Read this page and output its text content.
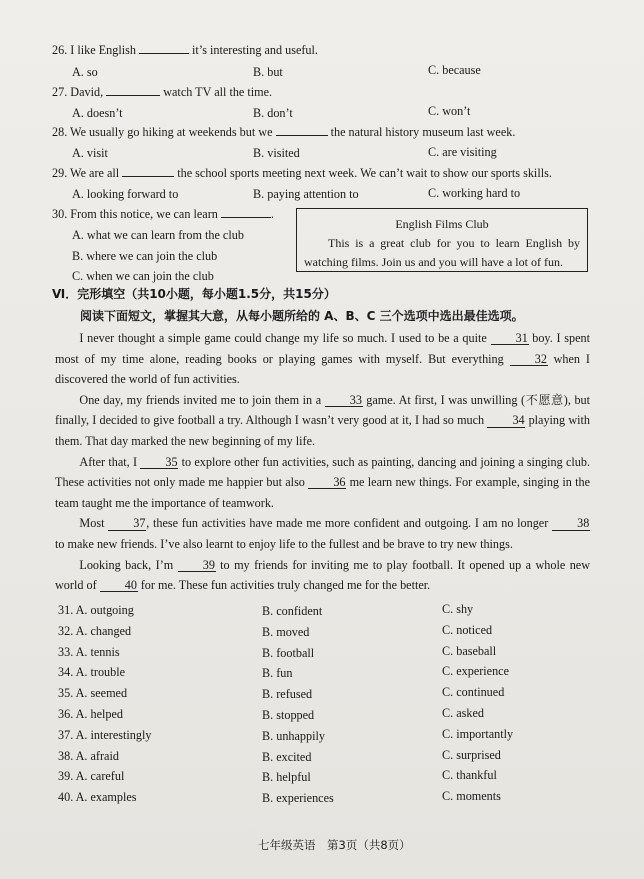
26. I like English	it’s interesting and useful.
A. so	B. but	C. because
27. David,	watch TV all the time.
A. doesn’t	B. don’t	C. won’t
28. We usually go hiking at weekends but we	the natural history museum last week.
A. visit	B. visited	C. are visiting
29. We are all	the school sports meeting next week. We can’t wait to show our sports skills.
A. looking forward to	B. paying attention to	C. working hard to
30. From this notice, we can learn	.
A. what we can learn from the club
B. where we can join the club
C. when we can join the club
English Films Club
This is a great club for you to learn English by watching films. Join us and you will have a lot of fun.
Ⅵ．完形填空（共10小题，每小题1.5分，共15分）
阅读下面短文，掌握其大意，从每小题所给的 A、B、C 三个选项中选出最佳选项。

I never thought a simple game could change my life so much. I used to be a quite 31 boy. I spent most of my time alone, reading books or playing games with myself. But everything	32 when I discovered the world of fun activities.

One day, my friends invited me to join them in a 33 game. At first, I was unwilling (不愿意), but finally, I decided to give football a try. Although I wasn’t very good at it, I had so much 34 playing with them. That day marked the new beginning of my life.

After that, I 35 to explore other fun activities, such as painting, dancing and joining a singing club. These activities not only made me happier but also 36 me learn new things. For example, singing in the team taught me the importance of teamwork.

Most 37, these fun activities have made me more confident and outgoing. I am no longer 38 to make new friends. I’ve also learnt to enjoy life to the fullest and be brave to try new things.

Looking back, I’m 39 to my friends for inviting me to play football. It opened up a whole new world of 40 for me. These fun activities truly changed me for the better.

31. A. outgoing	B. confident	C. shy
32. A. changed	B. moved	C. noticed
33. A. tennis	B. football	C. baseball
34. A. trouble	B. fun	C. experience
35. A. seemed	B. refused	C. continued
36. A. helped	B. stopped	C. asked
37. A. interestingly	B. unhappily	C. importantly
38. A. afraid	B. excited	C. surprised
39. A. careful	B. helpful	C. thankful
40. A. examples	B. experiences	C. moments
七年级英语　第3页（共8页）
